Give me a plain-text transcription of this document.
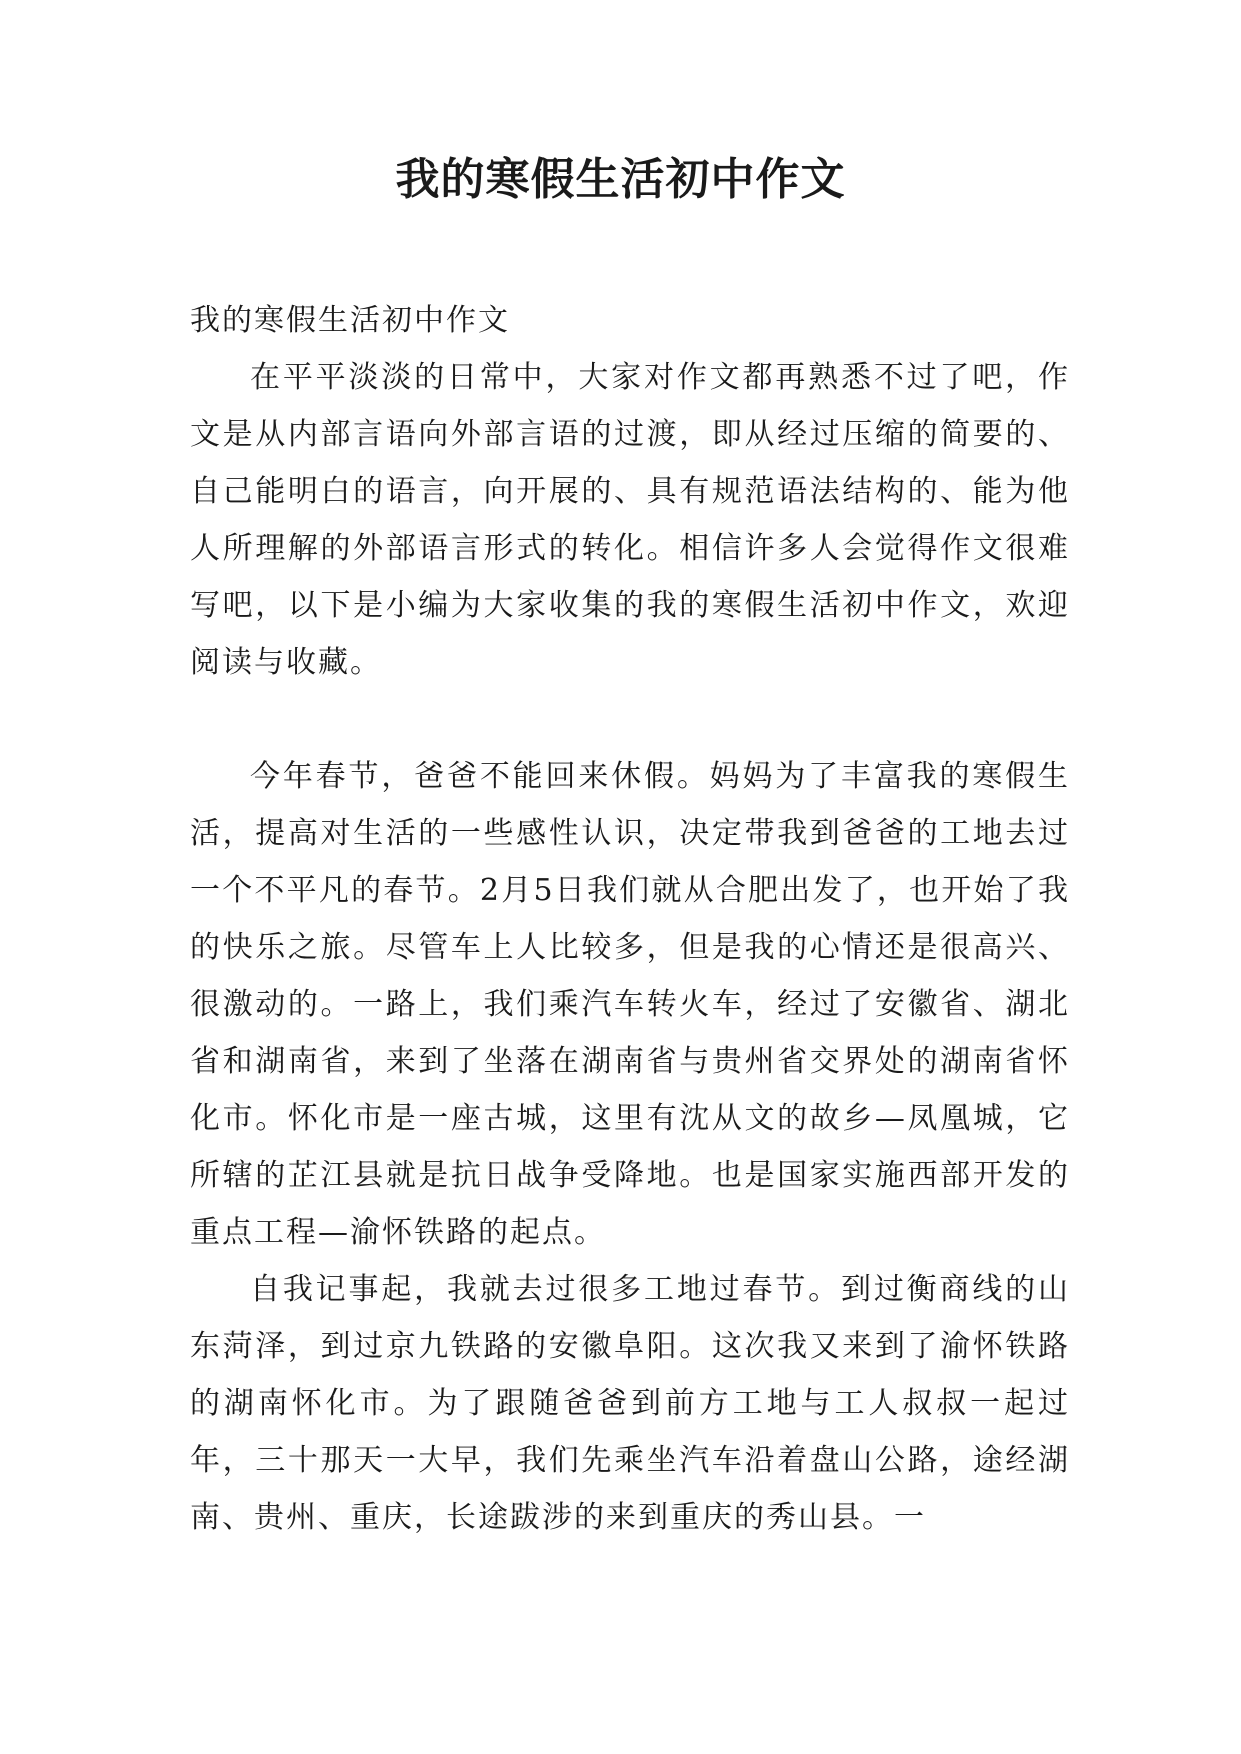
我的寒假生活初中作文

我的寒假生活初中作文

在平平淡淡的日常中，大家对作文都再熟悉不过了吧，作文是从内部言语向外部言语的过渡，即从经过压缩的简要的、自己能明白的语言，向开展的、具有规范语法结构的、能为他人所理解的外部语言形式的转化。相信许多人会觉得作文很难写吧，以下是小编为大家收集的我的寒假生活初中作文，欢迎阅读与收藏。

今年春节，爸爸不能回来休假。妈妈为了丰富我的寒假生活，提高对生活的一些感性认识，决定带我到爸爸的工地去过一个不平凡的春节。2月5日我们就从合肥出发了，也开始了我的快乐之旅。尽管车上人比较多，但是我的心情还是很高兴、很激动的。一路上，我们乘汽车转火车，经过了安徽省、湖北省和湖南省，来到了坐落在湖南省与贵州省交界处的湖南省怀化市。怀化市是一座古城，这里有沈从文的故乡—凤凰城，它所辖的芷江县就是抗日战争受降地。也是国家实施西部开发的重点工程—渝怀铁路的起点。

自我记事起，我就去过很多工地过春节。到过衡商线的山东菏泽，到过京九铁路的安徽阜阳。这次我又来到了渝怀铁路的湖南怀化市。为了跟随爸爸到前方工地与工人叔叔一起过年，三十那天一大早，我们先乘坐汽车沿着盘山公路，途经湖南、贵州、重庆，长途跋涉的来到重庆的秀山县。一
